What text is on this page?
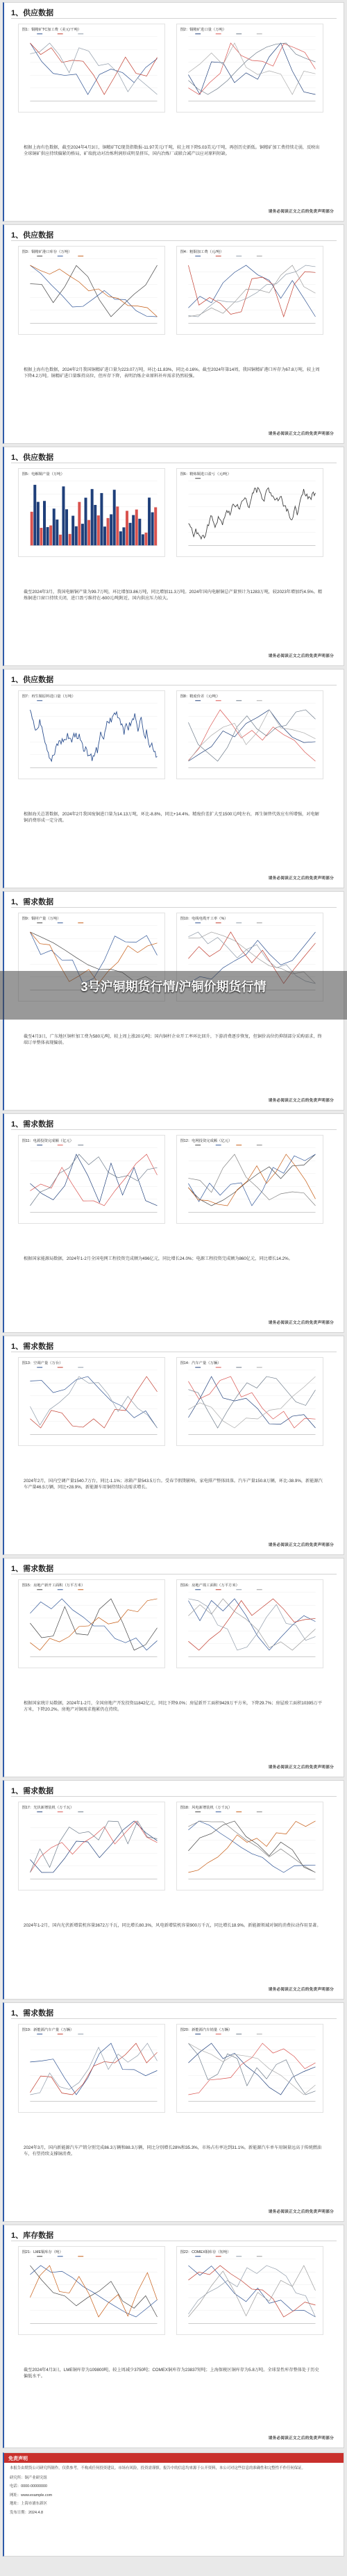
1、供应数据
图1：铜精矿TC加工费（美元/干吨）	图2：铜精矿进口量（万吨）
根据上海有色数据，截至2024年4月3日，铜精矿TC现货指数报-11.97美元/干吨，较上周下降5.03美元/干吨，再创历史新低。铜精矿加工费持续走弱，反映出全球铜矿供应持续偏紧的格局，矿端扰动对冶炼利润形成明显挤压，国内冶炼厂或联合减产以应对原料短缺。
请务必阅读正文之后的免责声明部分
1、供应数据
图3：铜精矿港口库存（万吨）	图4：粗铜加工费（元/吨）
根据上海有色数据，2024年2月我国铜精矿进口量为223.07万吨，环比-11.83%，同比-0.16%。截至2024年第14周，我国铜精矿港口库存为67.8万吨，较上周下降4.2万吨。铜精矿进口量维持高位，但库存下降，表明冶炼企业原料补库需求仍然较强。
请务必阅读正文之后的免责声明部分
1、供应数据
图5：电解铜产量（万吨）	图6：精炼铜进口盈亏（元/吨）
截至2024年3月，我国电解铜产量为99.7万吨，环比增加3.86万吨，同比增加11.3万吨。2024年国内电解铜总产量预计为1283万吨，较2023年增加约4.5%。精炼铜进口窗口持续关闭，进口盈亏维持在-600元/吨附近，国内供应压力较大。
请务必阅读正文之后的免责声明部分
1、供应数据
图7：再生铜原料进口量（万吨）	图8：精废价差（元/吨）
根据海关总署数据，2024年2月我国废铜进口量为14.13万吨，环比-8.8%，同比+14.4%。精废价差扩大至1500元/吨左右，再生铜替代效应有所增强，对电解铜消费形成一定分流。
请务必阅读正文之后的免责声明部分
1、需求数据
图9：铜材产量（万吨）	图10：电线电缆开工率（%）
截至4月3日，广东地区铜杆加工费为580元/吨，较上周上涨20元/吨；国内铜杆企业开工率环比回升，下游消费逐步恢复，但铜价高位仍抑制部分采购需求，终端订单整体表现偏弱。
请务必阅读正文之后的免责声明部分
1、需求数据
图11：电源投资完成额（亿元）	图12：电网投资完成额（亿元）
根据国家能源局数据，2024年1-2月全国电网工程投资完成额为496亿元，同比增长24.0%；电源工程投资完成额为860亿元，同比增长14.2%。
请务必阅读正文之后的免责声明部分
1、需求数据
图13：空调产量（万台）	图14：汽车产量（万辆）
2024年2月，国内空调产量1540.7万台，同比-1.1%；冰箱产量543.5万台。受春节假期影响，家电排产整体回落。汽车产量150.8万辆，环比-38.9%，新能源汽车产量46.5万辆，同比+28.9%，新能源车用铜持续拉动需求增长。
请务必阅读正文之后的免责声明部分
1、需求数据
图15：房地产新开工面积（万平方米）	图16：房地产竣工面积（万平方米）
根据国家统计局数据，2024年1-2月，全国房地产开发投资11842亿元，同比下降9.0%；房屋新开工面积9429万平方米，下降29.7%；房屋竣工面积10395万平方米，下降20.2%。房地产对铜需求拖累仍在持续。
请务必阅读正文之后的免责声明部分
1、需求数据
图17：光伏新增装机（万千瓦）	图18：风电新增装机（万千瓦）
2024年1-2月，国内光伏新增装机容量3672万千瓦，同比增长80.3%，风电新增装机容量900万千瓦，同比增长18.9%。新能源领域对铜的消费拉动作用显著。
请务必阅读正文之后的免责声明部分
1、需求数据
图19：新能源汽车产量（万辆）	图20：新能源汽车销量（万辆）
2024年3月，国内新能源汽车产销分别完成86.3万辆和88.3万辆，同比分别增长28%和35.3%，市场占有率达到31.1%。新能源汽车单车用铜量远高于传统燃油车，有望持续支撑铜消费。
请务必阅读正文之后的免责声明部分
1、库存数据
图21：LME铜库存（吨）	图22：COMEX铜库存（短吨）
截至2024年4月3日，LME铜库存为109800吨，较上周减少3750吨；COMEX铜库存为23837短吨；上海保税区铜库存为5.8万吨。全球显性库存整体处于历史偏低水平。
请务必阅读正文之后的免责声明部分
3号沪铜期货行情/沪铜价期货行情
免责声明
本报告由期货公司研究所制作，仅供参考，不构成任何投资建议。市场有风险，投资需谨慎。报告中的信息均来源于公开资料，本公司对这些信息的准确性和完整性不作任何保证。
研究所：铜产业研究组
电话：0000-00000000
网址：www.example.com
地址：上海市浦东新区
发布日期：2024.4.8
